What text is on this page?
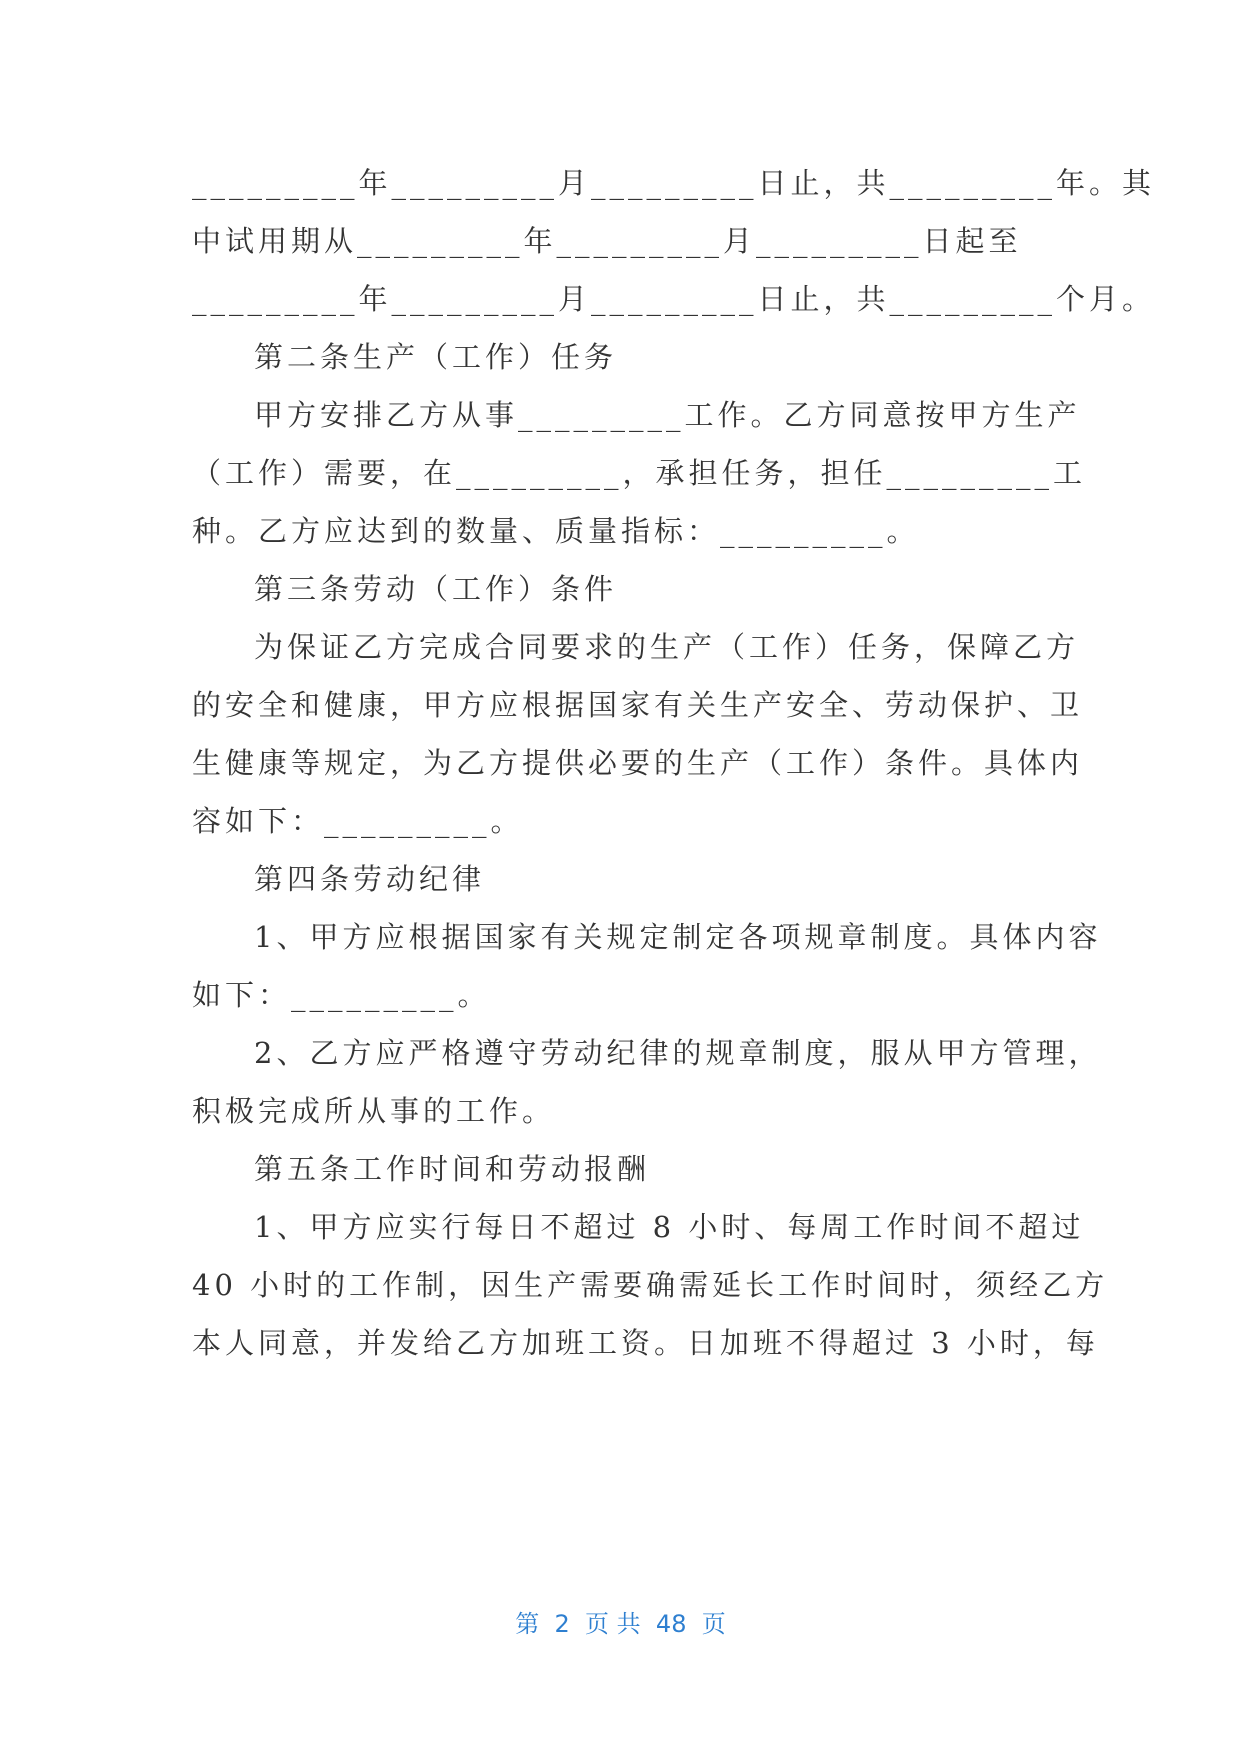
_________年_________月_________日止，共_________年。其
中试用期从_________年_________月_________日起至
_________年_________月_________日止，共_________个月。
第二条生产（工作）任务
甲方安排乙方从事_________工作。乙方同意按甲方生产
（工作）需要，在_________，承担任务，担任_________工
种。乙方应达到的数量、质量指标：_________。
第三条劳动（工作）条件
为保证乙方完成合同要求的生产（工作）任务，保障乙方
的安全和健康，甲方应根据国家有关生产安全、劳动保护、卫
生健康等规定，为乙方提供必要的生产（工作）条件。具体内
容如下：_________。
第四条劳动纪律
1、甲方应根据国家有关规定制定各项规章制度。具体内容
如下：_________。
2、乙方应严格遵守劳动纪律的规章制度，服从甲方管理，
积极完成所从事的工作。
第五条工作时间和劳动报酬
1、甲方应实行每日不超过 8 小时、每周工作时间不超过
40 小时的工作制，因生产需要确需延长工作时间时，须经乙方
本人同意，并发给乙方加班工资。日加班不得超过 3 小时，每
第  2  页 共  48  页
